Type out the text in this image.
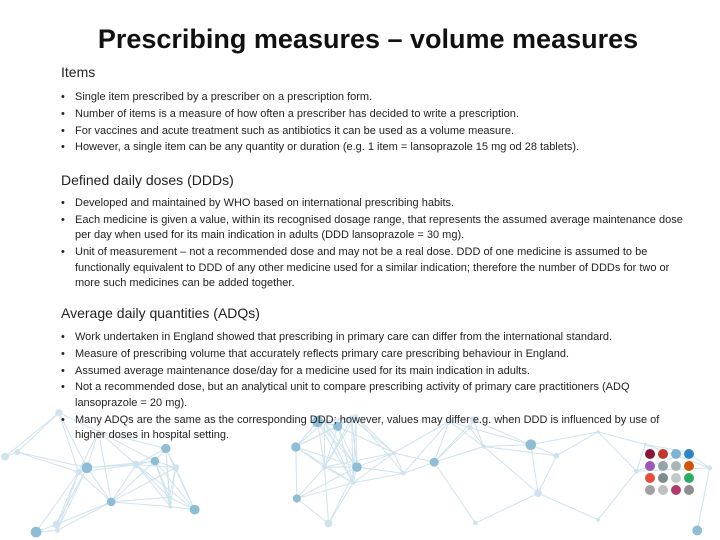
Prescribing measures – volume measures
Items
• Single item prescribed by a prescriber on a prescription form.
• Number of items is a measure of how often a prescriber has decided to write a prescription.
• For vaccines and acute treatment such as antibiotics it can be used as a volume measure.
• However, a single item can be any quantity or duration (e.g. 1 item = lansoprazole 15 mg od 28 tablets).
Defined daily doses (DDDs)
• Developed and maintained by WHO based on international prescribing habits.
• Each medicine is given a value, within its recognised dosage range, that represents the assumed average maintenance dose per day when used for its main indication in adults (DDD lansoprazole = 30 mg).
• Unit of measurement – not a recommended dose and may not be a real dose. DDD of one medicine is assumed to be functionally equivalent to DDD of any other medicine used for a similar indication; therefore the number of DDDs for two or more such medicines can be added together.
Average daily quantities (ADQs)
• Work undertaken in England showed that prescribing in primary care can differ from the international standard.
• Measure of prescribing volume that accurately reflects primary care prescribing behaviour in England.
• Assumed average maintenance dose/day for a medicine used for its main indication in adults.
• Not a recommended dose, but an analytical unit to compare prescribing activity of primary care practitioners (ADQ lansoprazole = 20 mg).
• Many ADQs are the same as the corresponding DDD; however, values may differ e.g. when DDD is influenced by use of higher doses in hospital setting.
